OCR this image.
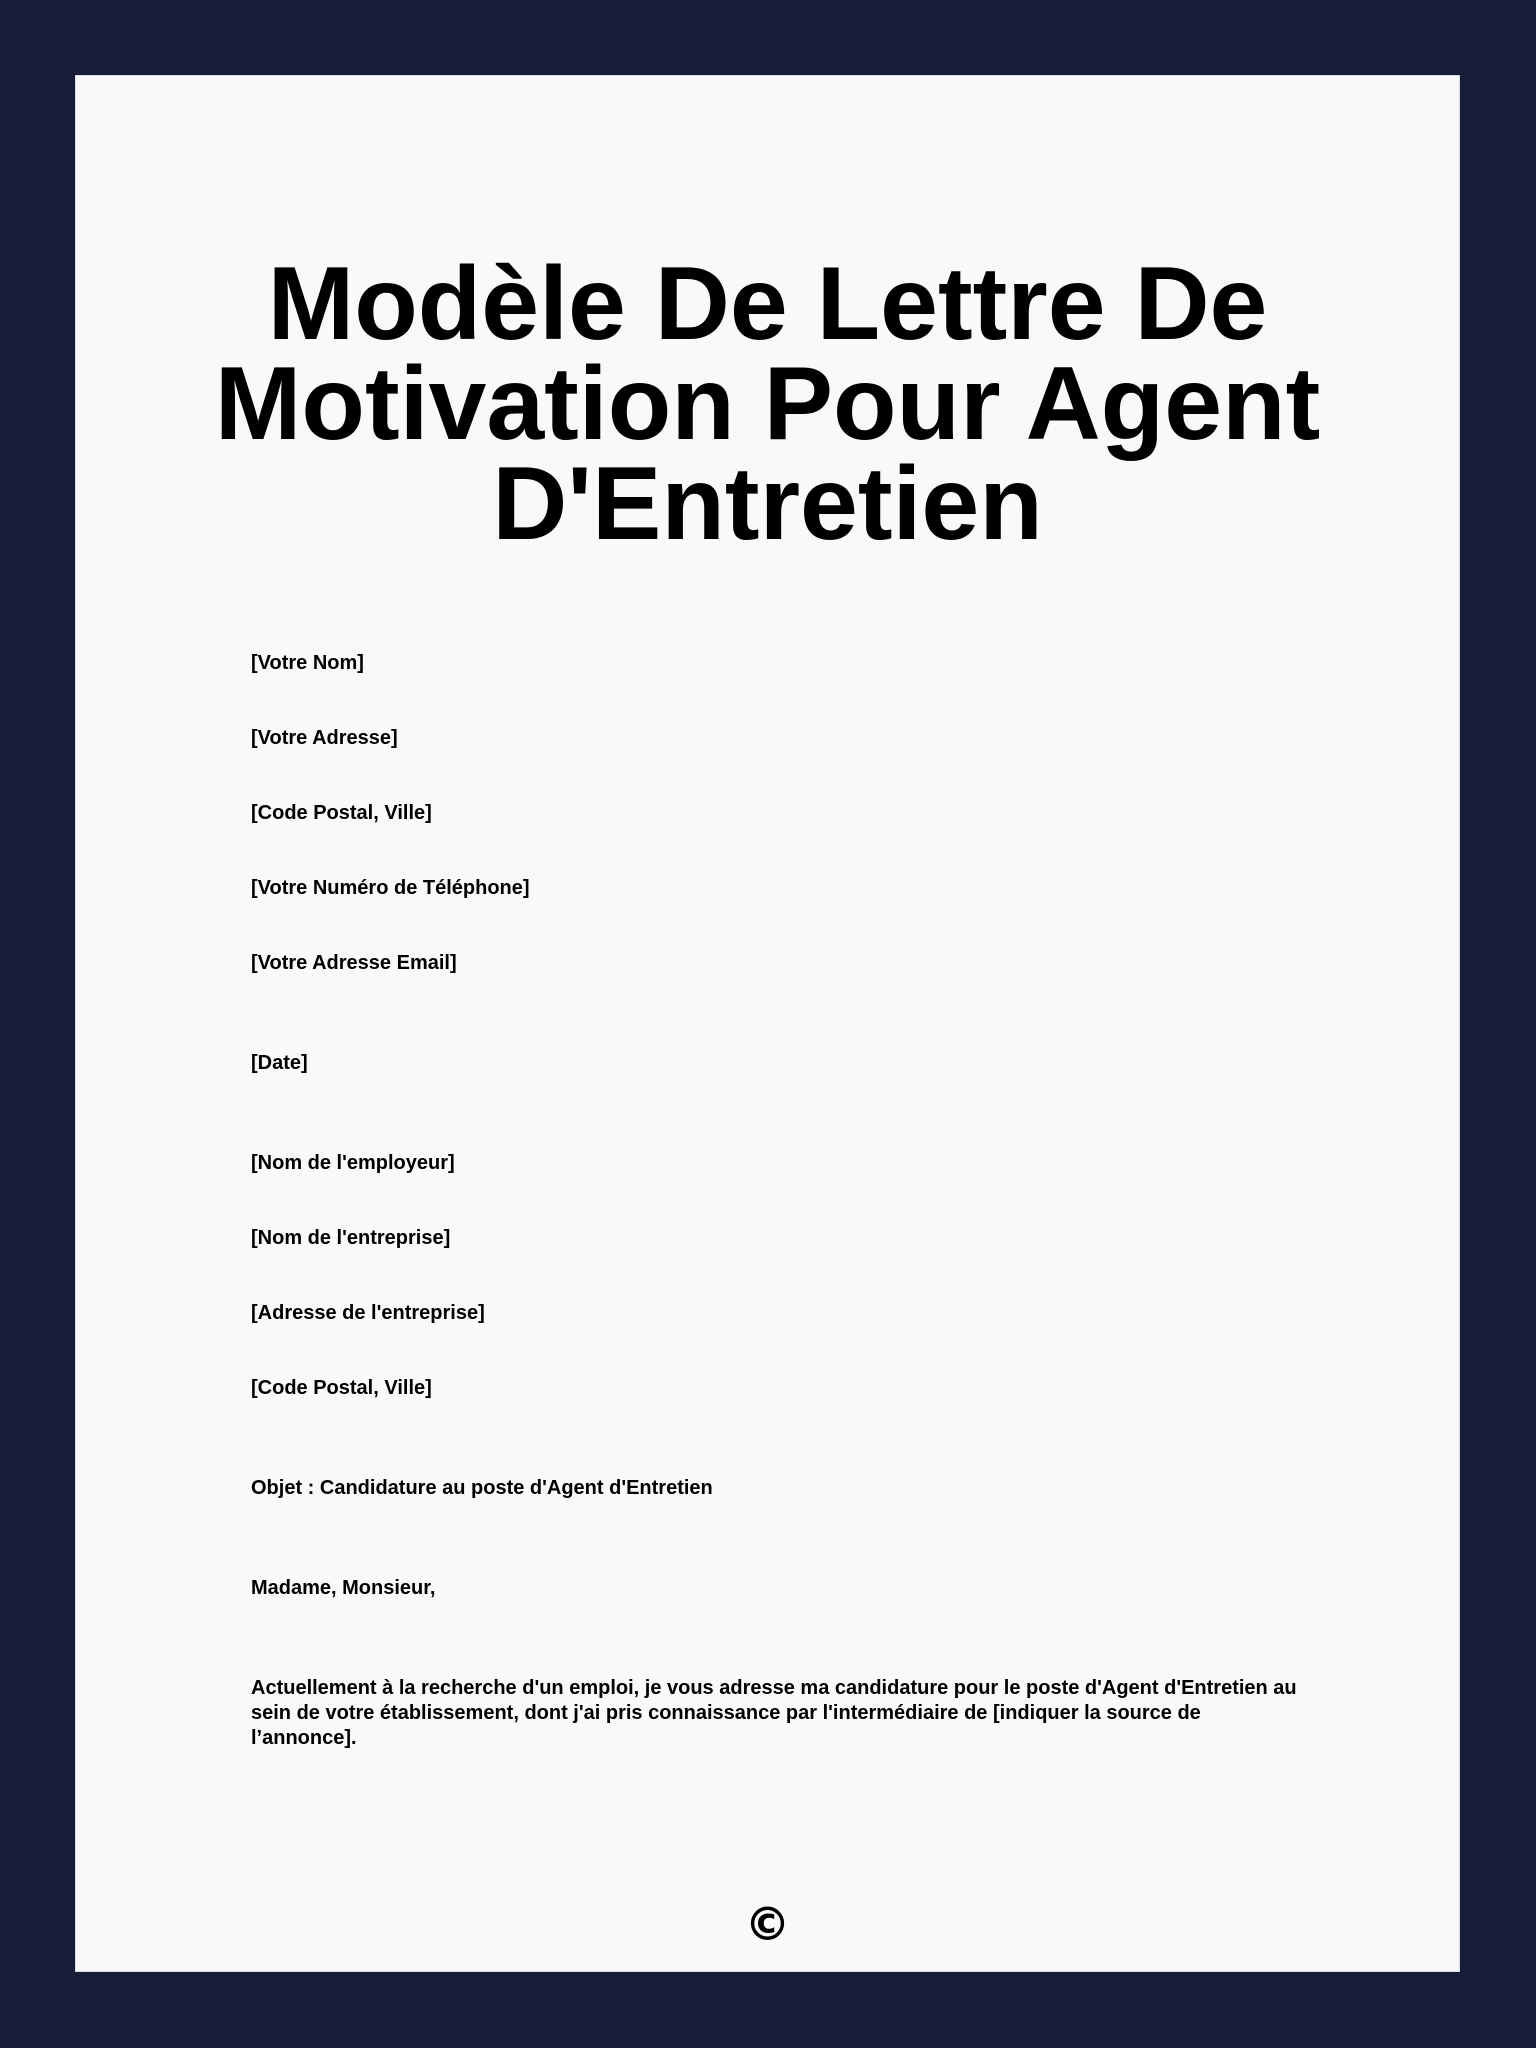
Modèle De Lettre De
Motivation Pour Agent
D'Entretien

[Votre Nom]

[Votre Adresse]

[Code Postal, Ville]

[Votre Numéro de Téléphone]

[Votre Adresse Email]

[Date]

[Nom de l'employeur]

[Nom de l'entreprise]

[Adresse de l'entreprise]

[Code Postal, Ville]

Objet : Candidature au poste d'Agent d'Entretien

Madame, Monsieur,

Actuellement à la recherche d'un emploi, je vous adresse ma candidature pour le poste d'Agent d'Entretien au sein de votre établissement, dont j'ai pris connaissance par l'intermédiaire de [indiquer la source de l’annonce].

©
